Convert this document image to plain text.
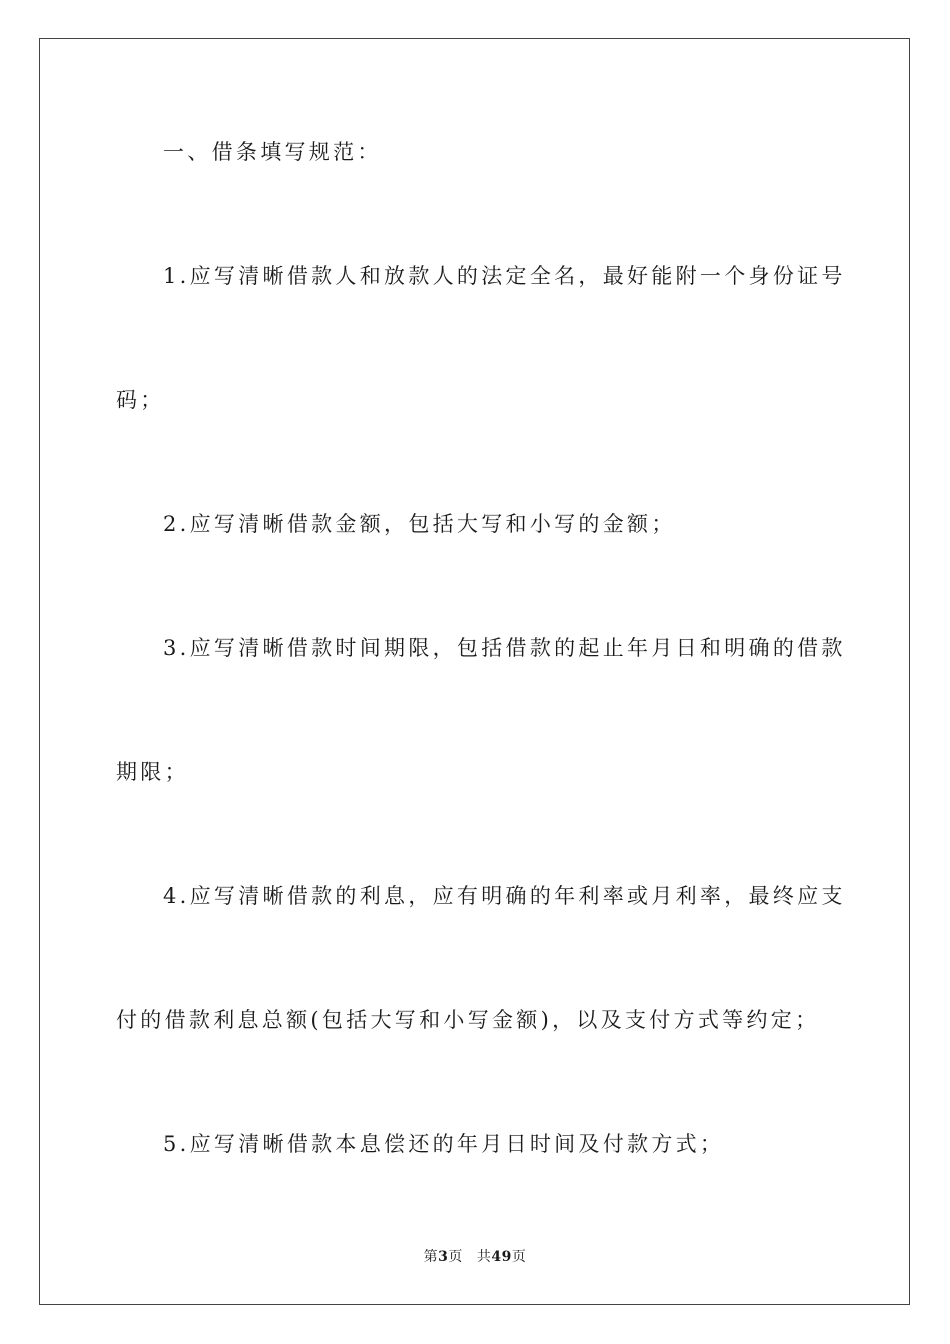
一、借条填写规范：

1.应写清晰借款人和放款人的法定全名，最好能附一个身份证号

码；

2.应写清晰借款金额，包括大写和小写的金额；

3.应写清晰借款时间期限，包括借款的起止年月日和明确的借款

期限；

4.应写清晰借款的利息，应有明确的年利率或月利率，最终应支

付的借款利息总额(包括大写和小写金额)，以及支付方式等约定；

5.应写清晰借款本息偿还的年月日时间及付款方式；

第3页 共49页
